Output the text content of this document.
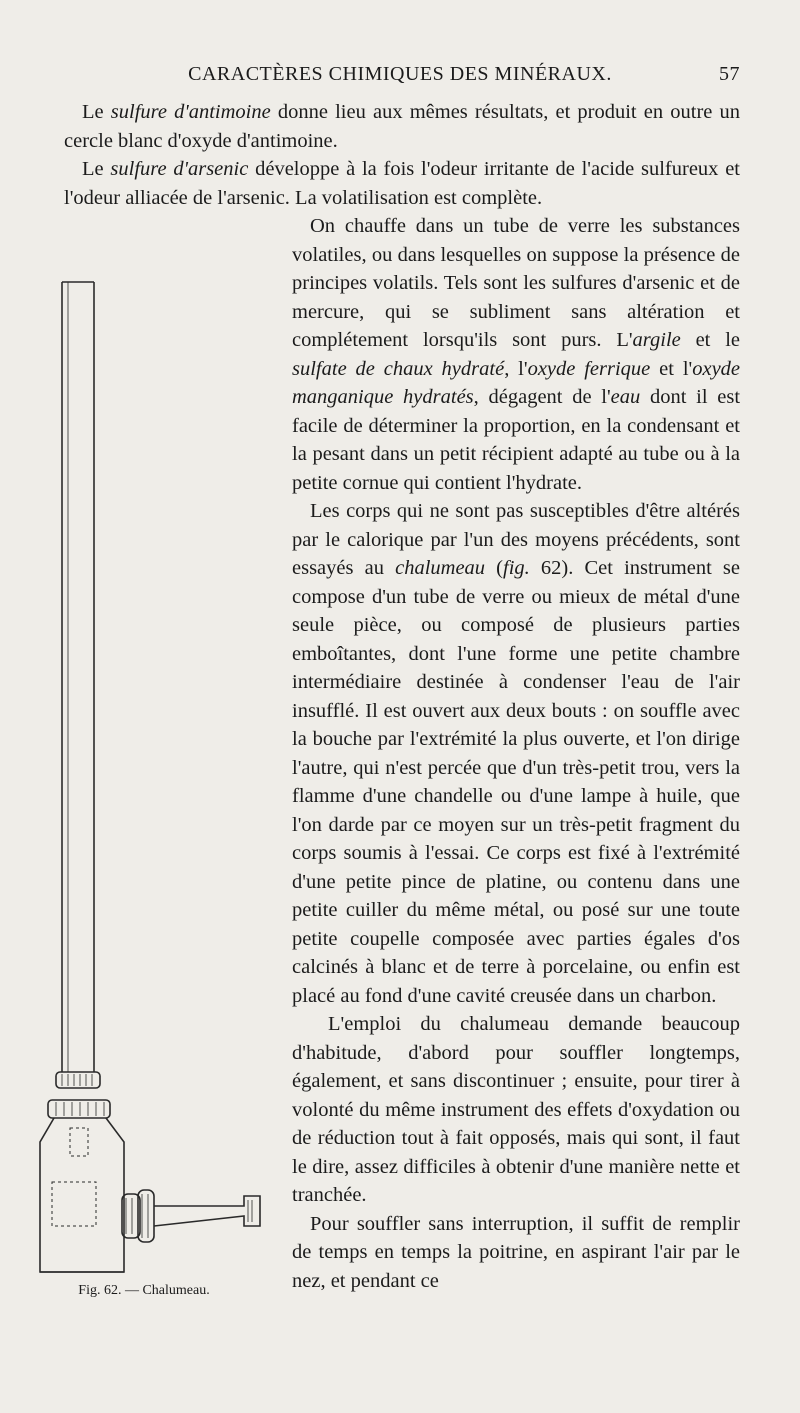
CARACTÈRES CHIMIQUES DES MINÉRAUX.	57

Le sulfure d'antimoine donne lieu aux mêmes résultats, et produit en outre un cercle blanc d'oxyde d'antimoine.

Le sulfure d'arsenic développe à la fois l'odeur irritante de l'acide sulfureux et l'odeur alliacée de l'arsenic. La volatilisation est complète.

Fig. 62. — Chalumeau.

On chauffe dans un tube de verre les substances volatiles, ou dans lesquelles on suppose la présence de principes volatils. Tels sont les sulfures d'arsenic et de mercure, qui se subliment sans altération et complétement lorsqu'ils sont purs. L'argile et le sulfate de chaux hydraté, l'oxyde ferrique et l'oxyde manganique hydratés, dégagent de l'eau dont il est facile de déterminer la proportion, en la condensant et la pesant dans un petit récipient adapté au tube ou à la petite cornue qui contient l'hydrate.

Les corps qui ne sont pas susceptibles d'être altérés par le calorique par l'un des moyens précédents, sont essayés au chalumeau (fig. 62). Cet instrument se compose d'un tube de verre ou mieux de métal d'une seule pièce, ou composé de plusieurs parties emboîtantes, dont l'une forme une petite chambre intermédiaire destinée à condenser l'eau de l'air insufflé. Il est ouvert aux deux bouts : on souffle avec la bouche par l'extrémité la plus ouverte, et l'on dirige l'autre, qui n'est percée que d'un très-petit trou, vers la flamme d'une chandelle ou d'une lampe à huile, que l'on darde par ce moyen sur un très-petit fragment du corps soumis à l'essai. Ce corps est fixé à l'extrémité d'une petite pince de platine, ou contenu dans une petite cuiller du même métal, ou posé sur une toute petite coupelle composée avec parties égales d'os calcinés à blanc et de terre à porcelaine, ou enfin est placé au fond d'une cavité creusée dans un charbon.

L'emploi du chalumeau demande beaucoup d'habitude, d'abord pour souffler longtemps, également, et sans discontinuer ; ensuite, pour tirer à volonté du même instrument des effets d'oxydation ou de réduction tout à fait opposés, mais qui sont, il faut le dire, assez difficiles à obtenir d'une manière nette et tranchée.

Pour souffler sans interruption, il suffit de remplir de temps en temps la poitrine, en aspirant l'air par le nez, et pendant ce
